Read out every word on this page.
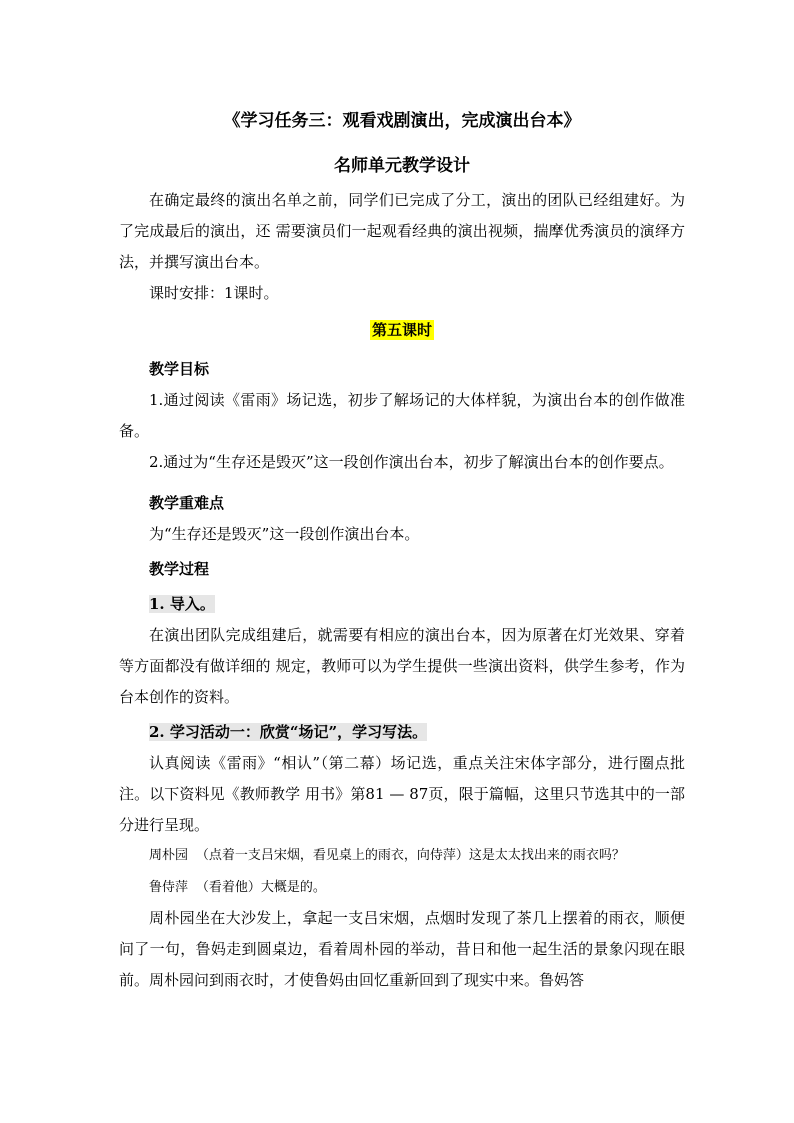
《学习任务三：观看戏剧演出，完成演出台本》
名师单元教学设计

在确定最终的演出名单之前，同学们已完成了分工，演出的团队已经组建好。为了完成最后的演出，还 需要演员们一起观看经典的演出视频，揣摩优秀演员的演绎方法，并撰写演出台本。

课时安排：1课时。

第五课时

教学目标

1.通过阅读《雷雨》场记选，初步了解场记的大体样貌，为演出台本的创作做准备。

2.通过为“生存还是毁灭”这一段创作演出台本，初步了解演出台本的创作要点。

教学重难点

为“生存还是毁灭”这一段创作演出台本。

教学过程

1. 导入。

在演出团队完成组建后，就需要有相应的演出台本，因为原著在灯光效果、穿着等方面都没有做详细的 规定，教师可以为学生提供一些演出资料，供学生参考，作为台本创作的资料。

2. 学习活动一：欣赏“场记”，学习写法。

认真阅读《雷雨》“相认”（第二幕）场记选，重点关注宋体字部分，进行圈点批注。以下资料见《教师教学 用书》第81 — 87页，限于篇幅，这里只节选其中的一部分进行呈现。

周朴园 （点着一支吕宋烟，看见桌上的雨衣，向侍萍）这是太太找出来的雨衣吗？

鲁侍萍 （看着他）大概是的。

周朴园坐在大沙发上，拿起一支吕宋烟，点烟时发现了茶几上摆着的雨衣，顺便问了一句，鲁妈走到圆桌边，看着周朴园的举动，昔日和他一起生活的景象闪现在眼前。周朴园问到雨衣时，才使鲁妈由回忆重新回到了现实中来。鲁妈答
